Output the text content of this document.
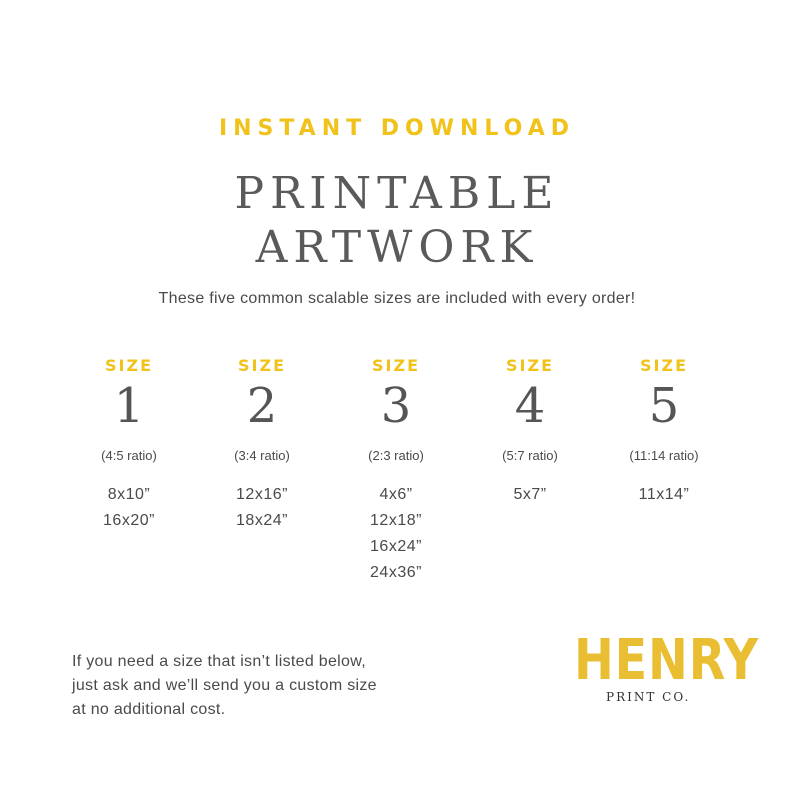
INSTANT DOWNLOAD
PRINTABLE
ARTWORK
These five common scalable sizes are included with every order!
SIZE
1
(4:5 ratio)
8x10”
16x20”
SIZE
2
(3:4 ratio)
12x16”
18x24”
SIZE
3
(2:3 ratio)
4x6”
12x18”
16x24”
24x36”
SIZE
4
(5:7 ratio)
5x7”
SIZE
5
(11:14 ratio)
11x14”
If you need a size that isn’t listed below,
just ask and we’ll send you a custom size
at no additional cost.
HENRY
PRINT CO.
